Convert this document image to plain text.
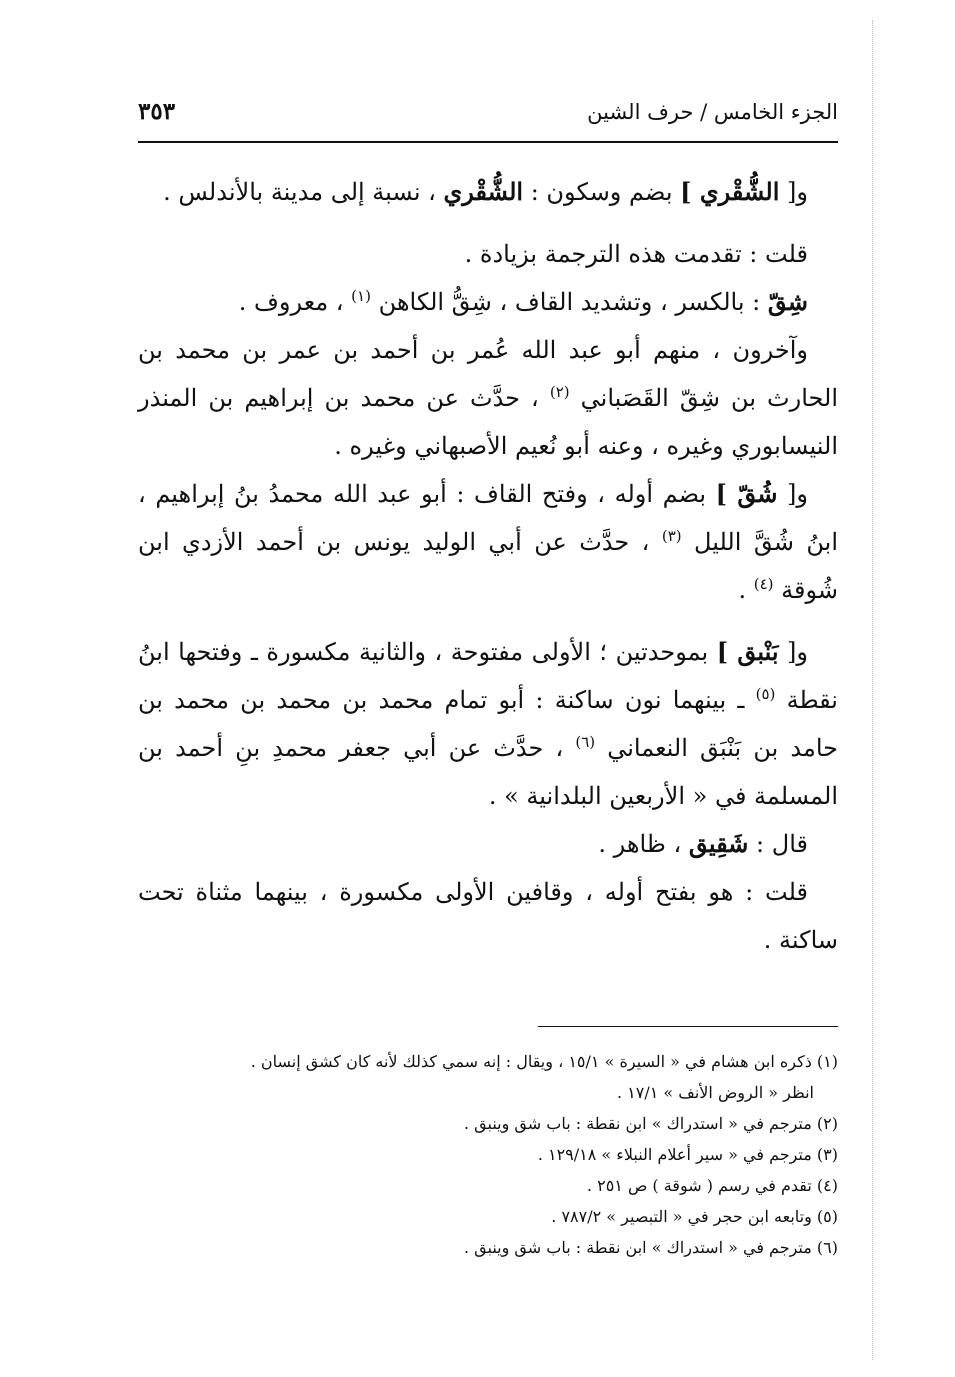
الجزء الخامس / حرف الشين
٣٥٣

و[ الشُّقْري ] بضم وسكون : الشُّقْري ، نسبة إلى مدينة بالأندلس .

قلت : تقدمت هذه الترجمة بزيادة .

شِقّ : بالكسر ، وتشديد القاف ، شِقُّ الكاهن $^{(١)}$ ، معروف .

وآخرون ، منهم أبو عبد الله عُمر بن أحمد بن عمر بن محمد بن الحارث بن شِقّ القَصَباني $^{(٢)}$ ، حدَّث عن محمد بن إبراهيم بن المنذر النيسابوري وغيره ، وعنه أبو نُعيم الأصبهاني وغيره .

و[ شُقّ ] بضم أوله ، وفتح القاف : أبو عبد الله محمدُ بنُ إبراهيم ، ابنُ شُقَّ الليل $^{(٣)}$ ، حدَّث عن أبي الوليد يونس بن أحمد الأزدي ابن شُوقة $^{(٤)}$ .

و[ بَنْبق ] بموحدتين ؛ الأولى مفتوحة ، والثانية مكسورة ـ وفتحها ابنُ نقطة $^{(٥)}$ ـ بينهما نون ساكنة : أبو تمام محمد بن محمد بن محمد بن حامد بن بَنْبَق النعماني $^{(٦)}$ ، حدَّث عن أبي جعفر محمدِ بنِ أحمد بن المسلمة في « الأربعين البلدانية » .

قال : شَقِيق ، ظاهر .

قلت : هو بفتح أوله ، وقافين الأولى مكسورة ، بينهما مثناة تحت ساكنة .

(١) ذكره ابن هشام في « السيرة » ١٥/١ ، ويقال : إنه سمي كذلك لأنه كان كشق إنسان .

انظر « الروض الأنف » ١٧/١ .

(٢) مترجم في « استدراك » ابن نقطة : باب شق وينبق .

(٣) مترجم في « سير أعلام النبلاء » ١٢٩/١٨ .

(٤) تقدم في رسم ( شوقة ) ص ٢٥١ .

(٥) وتابعه ابن حجر في « التبصير » ٧٨٧/٢ .

(٦) مترجم في « استدراك » ابن نقطة : باب شق وينبق .
